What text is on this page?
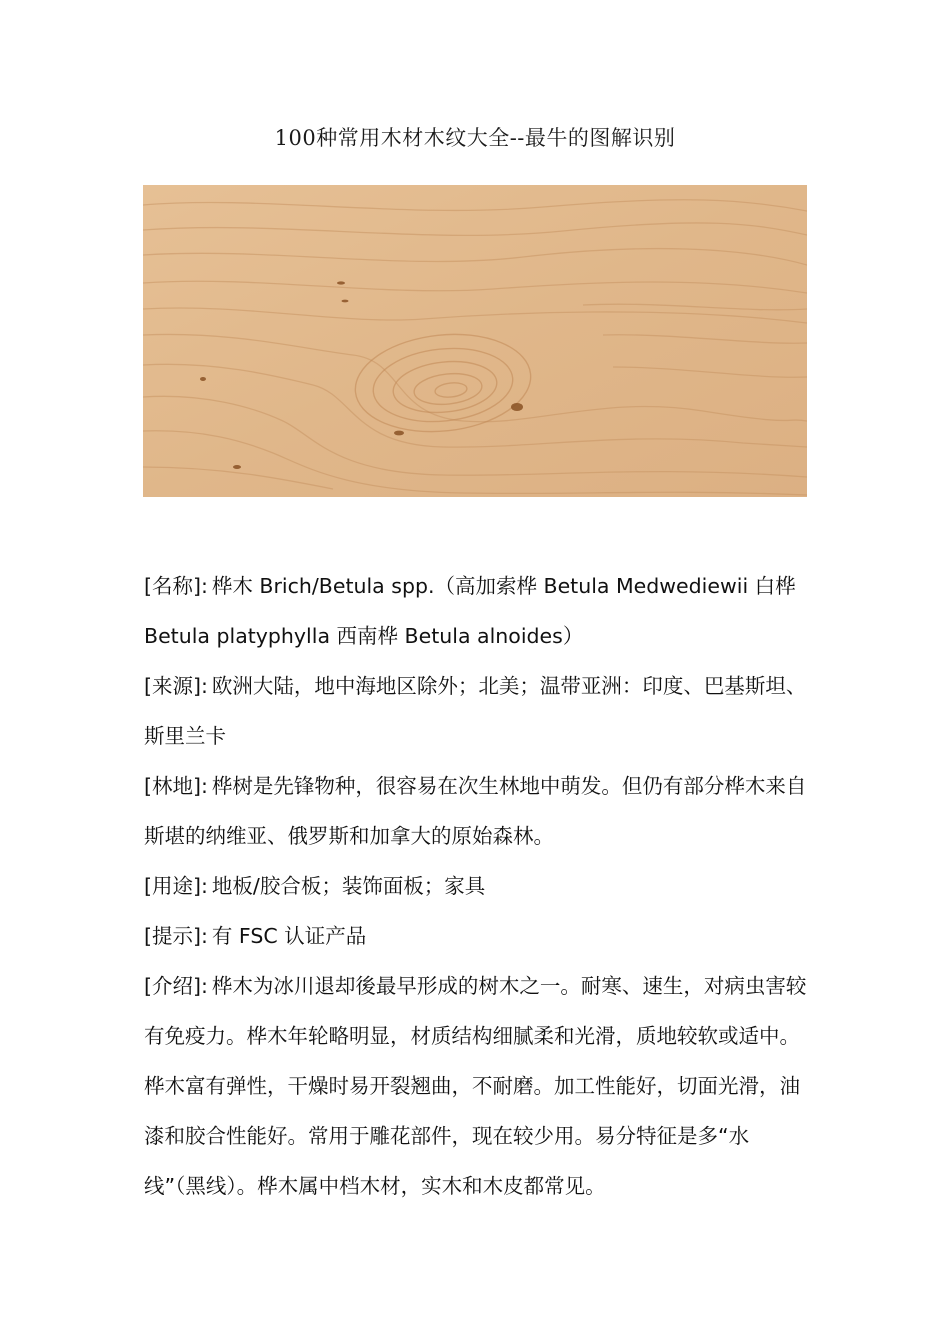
100种常用木材木纹大全--最牛的图解识别

[名称]: 桦木 Brich/Betula spp.（高加索桦 Betula Medwediewii 白桦 Betula platyphylla 西南桦 Betula alnoides）

[来源]: 欧洲大陆，地中海地区除外；北美；温带亚洲：印度、巴基斯坦、斯里兰卡

[林地]: 桦树是先锋物种，很容易在次生林地中萌发。但仍有部分桦木来自斯堪的纳维亚、俄罗斯和加拿大的原始森林。

[用途]: 地板/胶合板；装饰面板；家具

[提示]: 有 FSC 认证产品

[介绍]: 桦木为冰川退却後最早形成的树木之一。耐寒、速生，对病虫害较有免疫力。桦木年轮略明显，材质结构细腻柔和光滑，质地较软或适中。桦木富有弹性，干燥时易开裂翘曲，不耐磨。加工性能好，切面光滑，油漆和胶合性能好。常用于雕花部件，现在较少用。易分特征是多“水线”（黑线）。桦木属中档木材，实木和木皮都常见。
